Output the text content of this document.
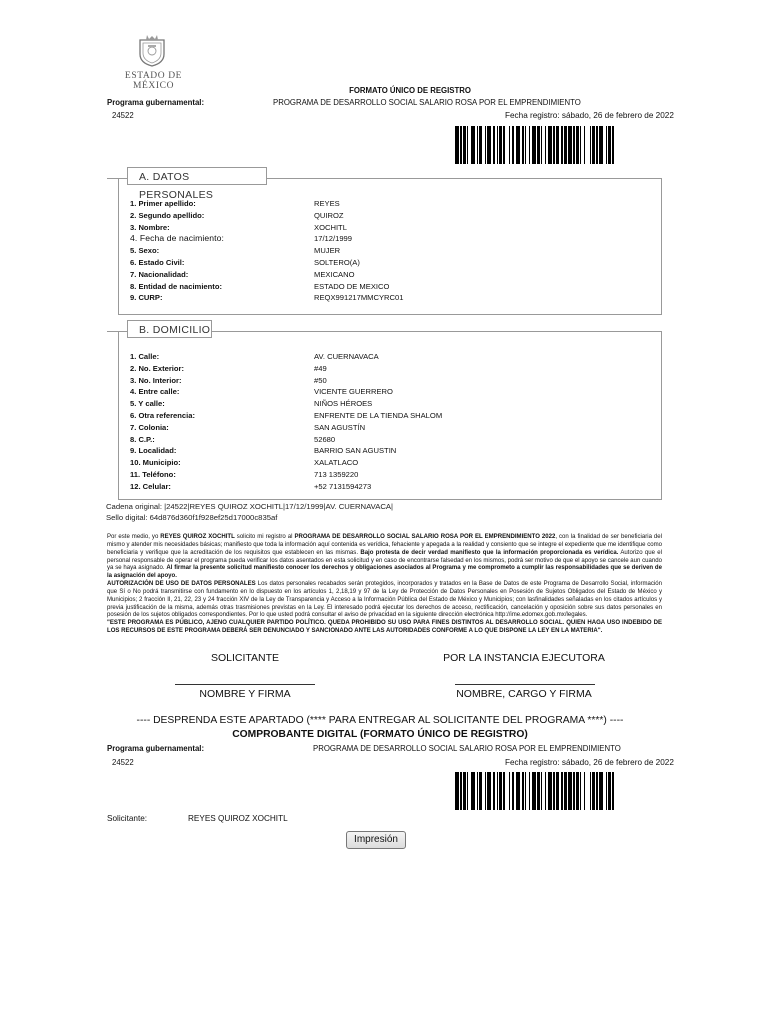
ESTADO DE MÉXICO	FORMATO ÚNICO DE REGISTRO
Programa gubernamental:	PROGRAMA DE DESARROLLO SOCIAL SALARIO ROSA POR EL EMPRENDIMIENTO
24522	Fecha registro: sábado, 26 de febrero de 2022
A. DATOS PERSONALES
1. Primer apellido:	REYES
2. Segundo apellido:	QUIROZ
3. Nombre:	XOCHITL
4. Fecha de nacimiento:	17/12/1999
5. Sexo:	MUJER
6. Estado Civil:	SOLTERO(A)
7. Nacionalidad:	MEXICANO
8. Entidad de nacimiento:	ESTADO DE MEXICO
9. CURP:	REQX991217MMCYRC01
B. DOMICILIO
1. Calle:	AV. CUERNAVACA
2. No. Exterior:	#49
3. No. Interior:	#50
4. Entre calle:	VICENTE GUERRERO
5. Y calle:	NIÑOS HÉROES
6. Otra referencia:	ENFRENTE DE LA TIENDA SHALOM
7. Colonia:	SAN AGUSTÍN
8. C.P.:	52680
9. Localidad:	BARRIO SAN AGUSTIN
10. Municipio:	XALATLACO
11. Teléfono:	713 1359220
12. Celular:	+52 7131594273
Cadena original: |24522|REYES QUIROZ XOCHITL|17/12/1999|AV. CUERNAVACA|
Sello digital: 64d876d360f1f928ef25d17000c835af
Por este medio, yo REYES QUIROZ XOCHITL solicito mi registro al PROGRAMA DE DESARROLLO SOCIAL SALARIO ROSA POR EL EMPRENDIMIENTO 2022, con la finalidad de ser beneficiaria del mismo y atender mis necesidades básicas; manifiesto que toda la información aquí contenida es verídica, fehaciente y apegada a la realidad y consiento que se integre el expediente que me identifique como beneficiaria y verifique que la acreditación de los requisitos que establecen en las mismas. Bajo protesta de decir verdad manifiesto que la información proporcionada es verídica. Autorizo que el personal responsable de operar el programa pueda verificar los datos asentados en esta solicitud y en caso de encontrarse falsedad en los mismos, podrá ser motivo de que el apoyo se cancele aun cuando ya se haya asignado. Al firmar la presente solicitud manifiesto conocer los derechos y obligaciones asociados al Programa y me comprometo a cumplir las responsabilidades que se deriven de la asignación del apoyo.
AUTORIZACIÓN DE USO DE DATOS PERSONALES Los datos personales recabados serán protegidos, incorporados y tratados en la Base de Datos de este Programa de Desarrollo Social, información que Sí o No podrá transmitirse con fundamento en lo dispuesto en los artículos 1, 2,18,19 y 97 de la Ley de Protección de Datos Personales en Posesión de Sujetos Obligados del Estado de México y Municipios; 2 fracción II, 21, 22, 23 y 24 fracción XIV de la Ley de Transparencia y Acceso a la Información Pública del Estado de México y Municipios; con lasfinalidades señaladas en los citados artículos y previa justificación de la misma, además otras trasmisiones previstas en la Ley. El interesado podrá ejecutar los derechos de acceso, rectificación, cancelación y oposición sobre sus datos personales en posesión de los sujetos obligados correspondientes. Por lo que usted podrá consultar el aviso de privacidad en la siguiente dirección electrónica http://ime.edomex.gob.mx/legales.
"ESTE PROGRAMA ES PÚBLICO, AJENO CUALQUIER PARTIDO POLÍTICO. QUEDA PROHIBIDO SU USO PARA FINES DISTINTOS AL DESARROLLO SOCIAL. QUIEN HAGA USO INDEBIDO DE LOS RECURSOS DE ESTE PROGRAMA DEBERÁ SER DENUNCIADO Y SANCIONADO ANTE LAS AUTORIDADES CONFORME A LO QUE DISPONE LA LEY EN LA MATERIA".
SOLICITANTE	POR LA INSTANCIA EJECUTORA
NOMBRE Y FIRMA	NOMBRE, CARGO Y FIRMA
---- DESPRENDA ESTE APARTADO (**** PARA ENTREGAR AL SOLICITANTE DEL PROGRAMA ****) ----
COMPROBANTE DIGITAL (FORMATO ÚNICO DE REGISTRO)
Programa gubernamental:	PROGRAMA DE DESARROLLO SOCIAL SALARIO ROSA POR EL EMPRENDIMIENTO
24522	Fecha registro: sábado, 26 de febrero de 2022
Solicitante:	REYES QUIROZ XOCHITL
Impresión
